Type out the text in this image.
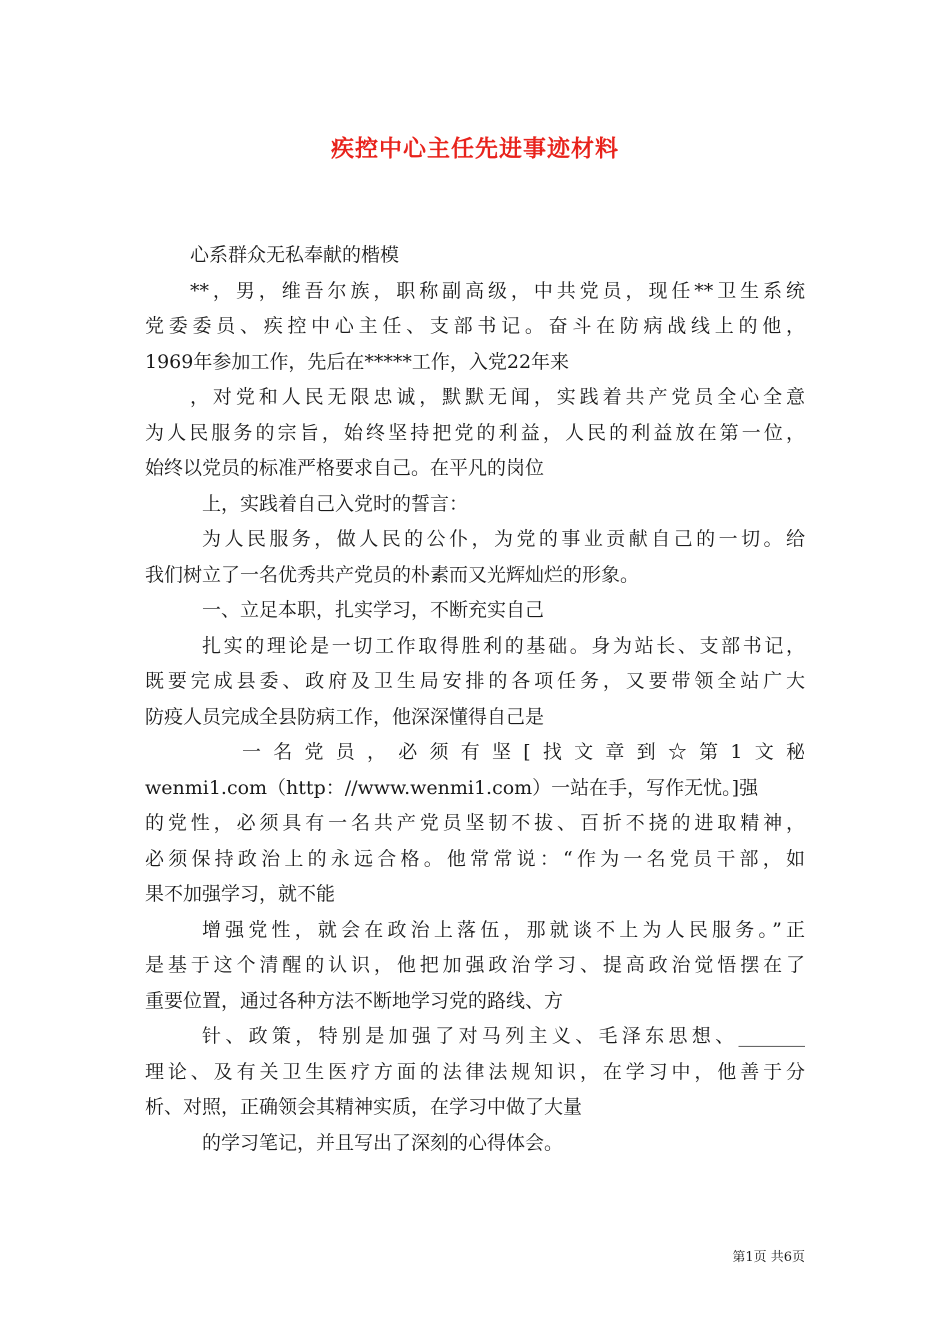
疾控中心主任先进事迹材料
心系群众无私奉献的楷模
**，男，维吾尔族，职称副高级，中共党员，现任**卫生系统
党委委员、疾控中心主任、支部书记。奋斗在防病战线上的他，
1969年参加工作，先后在*****工作，入党22年来
，对党和人民无限忠诚，默默无闻，实践着共产党员全心全意
为人民服务的宗旨，始终坚持把党的利益，人民的利益放在第一位，
始终以党员的标准严格要求自己。在平凡的岗位
上，实践着自己入党时的誓言：
为人民服务，做人民的公仆，为党的事业贡献自己的一切。给
我们树立了一名优秀共产党员的朴素而又光辉灿烂的形象。
一、立足本职，扎实学习，不断充实自己
扎实的理论是一切工作取得胜利的基础。身为站长、支部书记，
既要完成县委、政府及卫生局安排的各项任务，又要带领全站广大
防疫人员完成全县防病工作，他深深懂得自己是
一名党员，必须有坚[找文章到☆第1文秘
wenmi1.com（http：//www.wenmi1.com）一站在手，写作无忧。]强
的党性，必须具有一名共产党员坚韧不拔、百折不挠的进取精神，
必须保持政治上的永远合格。他常常说：“作为一名党员干部，如
果不加强学习，就不能
增强党性，就会在政治上落伍，那就谈不上为人民服务。”正
是基于这个清醒的认识，他把加强政治学习、提高政治觉悟摆在了
重要位置，通过各种方法不断地学习党的路线、方
针、政策，特别是加强了对马列主义、毛泽东思想、_______
理论、及有关卫生医疗方面的法律法规知识，在学习中，他善于分
析、对照，正确领会其精神实质，在学习中做了大量
的学习笔记，并且写出了深刻的心得体会。
第1页 共6页
